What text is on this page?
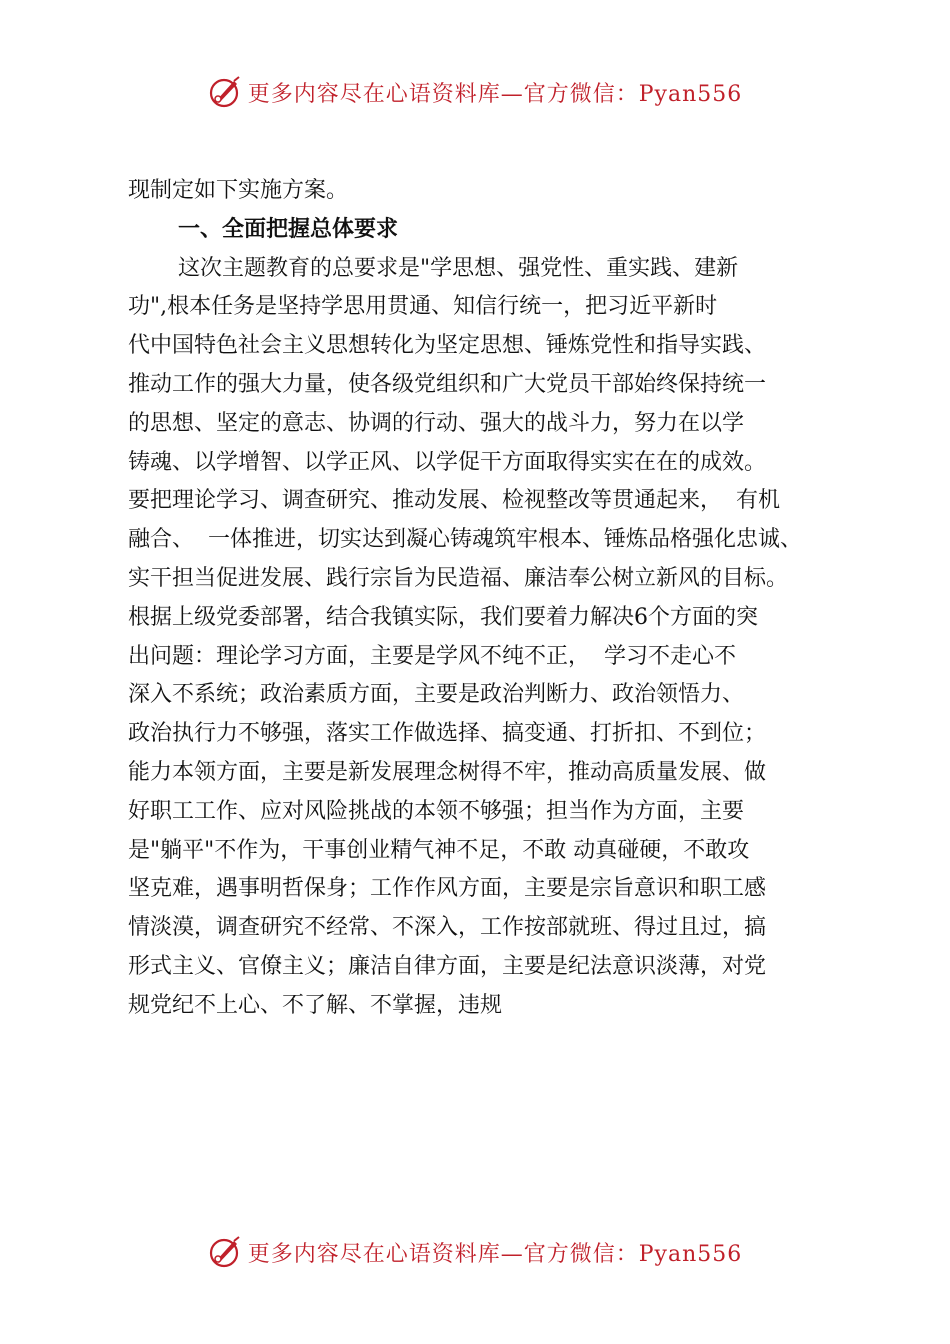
更多内容尽在心语资料库—官方微信：Pyan556
现制定如下实施方案。
一、全面把握总体要求
这次主题教育的总要求是"学思想、强党性、重实践、建新
功",根本任务是坚持学思用贯通、知信行统一，把习近平新时
代中国特色社会主义思想转化为坚定思想、锤炼党性和指导实践、
推动工作的强大力量，使各级党组织和广大党员干部始终保持统一
的思想、坚定的意志、协调的行动、强大的战斗力，努力在以学
铸魂、以学增智、以学正风、以学促干方面取得实实在在的成效。
要把理论学习、调查研究、推动发展、检视整改等贯通起来，  有机
融合、  一体推进，切实达到凝心铸魂筑牢根本、锤炼品格强化忠诚、
实干担当促进发展、践行宗旨为民造福、廉洁奉公树立新风的目标。
根据上级党委部署，结合我镇实际，我们要着力解决6个方面的突
出问题：理论学习方面，主要是学风不纯不正，  学习不走心不
深入不系统；政治素质方面，主要是政治判断力、政治领悟力、
政治执行力不够强，落实工作做选择、搞变通、打折扣、不到位；
能力本领方面，主要是新发展理念树得不牢，推动高质量发展、做
好职工工作、应对风险挑战的本领不够强；担当作为方面，主要
是"躺平"不作为，干事创业精气神不足，不敢 动真碰硬，不敢攻
坚克难，遇事明哲保身；工作作风方面，主要是宗旨意识和职工感
情淡漠，调查研究不经常、不深入，工作按部就班、得过且过，搞
形式主义、官僚主义；廉洁自律方面，主要是纪法意识淡薄，对党
规党纪不上心、不了解、不掌握，违规
更多内容尽在心语资料库—官方微信：Pyan556
